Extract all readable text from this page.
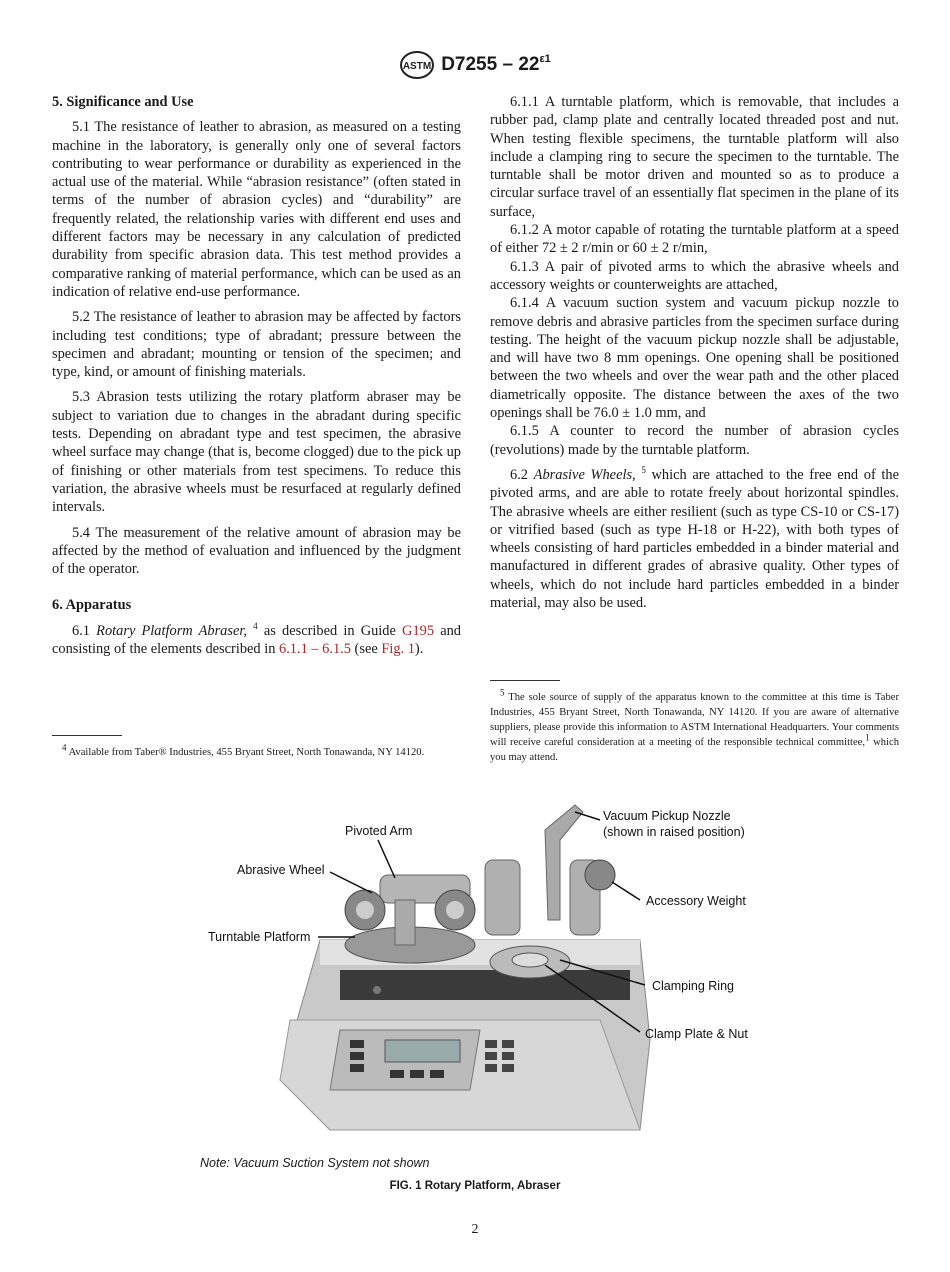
ASTM $D7255 - 22^{\varepsilon 1}$
5. Significance and Use

5.1 The resistance of leather to abrasion, as measured on a testing machine in the laboratory, is generally only one of several factors contributing to wear performance or durability as experienced in the actual use of the material. While “abrasion resistance” (often stated in terms of the number of abrasion cycles) and “durability” are frequently related, the relationship varies with different end uses and different factors may be necessary in any calculation of predicted durability from specific abrasion data. This test method provides a comparative ranking of material performance, which can be used as an indication of relative end-use performance.

5.2 The resistance of leather to abrasion may be affected by factors including test conditions; type of abradant; pressure between the specimen and abradant; mounting or tension of the specimen; and type, kind, or amount of finishing materials.

5.3 Abrasion tests utilizing the rotary platform abraser may be subject to variation due to changes in the abradant during specific tests. Depending on abradant type and test specimen, the abrasive wheel surface may change (that is, become clogged) due to the pick up of finishing or other materials from test specimens. To reduce this variation, the abrasive wheels must be resurfaced at regularly defined intervals.

5.4 The measurement of the relative amount of abrasion may be affected by the method of evaluation and influenced by the judgment of the operator.

6. Apparatus

6.1 Rotary Platform Abraser, $^4$ as described in Guide G195 and consisting of the elements described in 6.1.1 – 6.1.5 (see Fig. 1).

$^4$ Available from Taber® Industries, 455 Bryant Street, North Tonawanda, NY 14120.

6.1.1 A turntable platform, which is removable, that includes a rubber pad, clamp plate and centrally located threaded post and nut. When testing flexible specimens, the turntable platform will also include a clamping ring to secure the specimen to the turntable. The turntable shall be motor driven and mounted so as to produce a circular surface travel of an essentially flat specimen in the plane of its surface,

6.1.2 A motor capable of rotating the turntable platform at a speed of either 72 ± 2 r/min or 60 ± 2 r/min,

6.1.3 A pair of pivoted arms to which the abrasive wheels and accessory weights or counterweights are attached,

6.1.4 A vacuum suction system and vacuum pickup nozzle to remove debris and abrasive particles from the specimen surface during testing. The height of the vacuum pickup nozzle shall be adjustable, and will have two 8 mm openings. One opening shall be positioned between the two wheels and over the wear path and the other placed diametrically opposite. The distance between the axes of the two openings shall be 76.0 ± 1.0 mm, and

6.1.5 A counter to record the number of abrasion cycles (revolutions) made by the turntable platform.

6.2 Abrasive Wheels, $^5$ which are attached to the free end of the pivoted arms, and are able to rotate freely about horizontal spindles. The abrasive wheels are either resilient (such as type CS-10 or CS-17) or vitrified based (such as type H-18 or H-22), with both types of wheels consisting of hard particles embedded in a binder material and manufactured in different grades of abrasive quality. Other types of wheels, which do not include hard particles embedded in a binder material, may also be used.

$^5$ The sole source of supply of the apparatus known to the committee at this time is Taber Industries, 455 Bryant Street, North Tonawanda, NY 14120. If you are aware of alternative suppliers, please provide this information to ASTM International Headquarters. Your comments will receive careful consideration at a meeting of the responsible technical committee,$^1$ which you may attend.

Pivoted Arm
Abrasive Wheel
Turntable Platform
Vacuum Pickup Nozzle
(shown in raised position)
Accessory Weight
Clamping Ring
Clamp Plate & Nut
Note: Vacuum Suction System not shown
FIG. 1 Rotary Platform, Abraser
2
